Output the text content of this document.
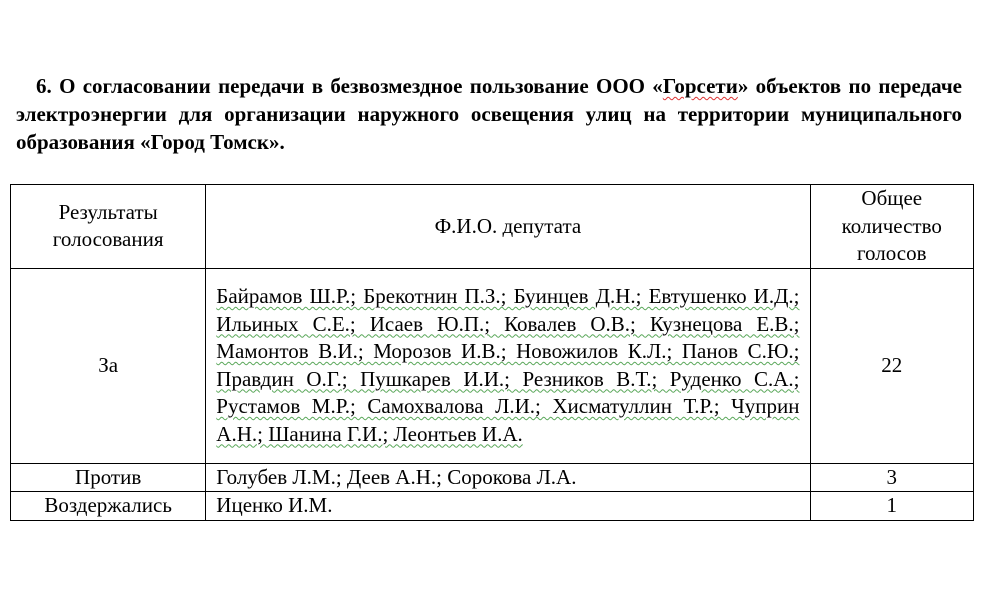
6. О согласовании передачи в безвозмездное пользование ООО «Горсети» объектов по передаче электроэнергии для организации наружного освещения улиц на территории муниципального образования «Город Томск».

Результаты голосования	Ф.И.О. депутата	Общее количество голосов
За	Байрамов Ш.Р.; Брекотнин П.З.; Буинцев Д.Н.; Евтушенко И.Д.; Ильиных С.Е.; Исаев Ю.П.; Ковалев О.В.; Кузнецова Е.В.; Мамонтов В.И.; Морозов И.В.; Новожилов К.Л.; Панов С.Ю.; Правдин О.Г.; Пушкарев И.И.; Резников В.Т.; Руденко С.А.; Рустамов М.Р.; Самохвалова Л.И.; Хисматуллин Т.Р.; Чуприн А.Н.; Шанина Г.И.; Леонтьев И.А.	22
Против	Голубев Л.М.; Деев А.Н.; Сорокова Л.А.	3
Воздержались	Иценко И.М.	1
